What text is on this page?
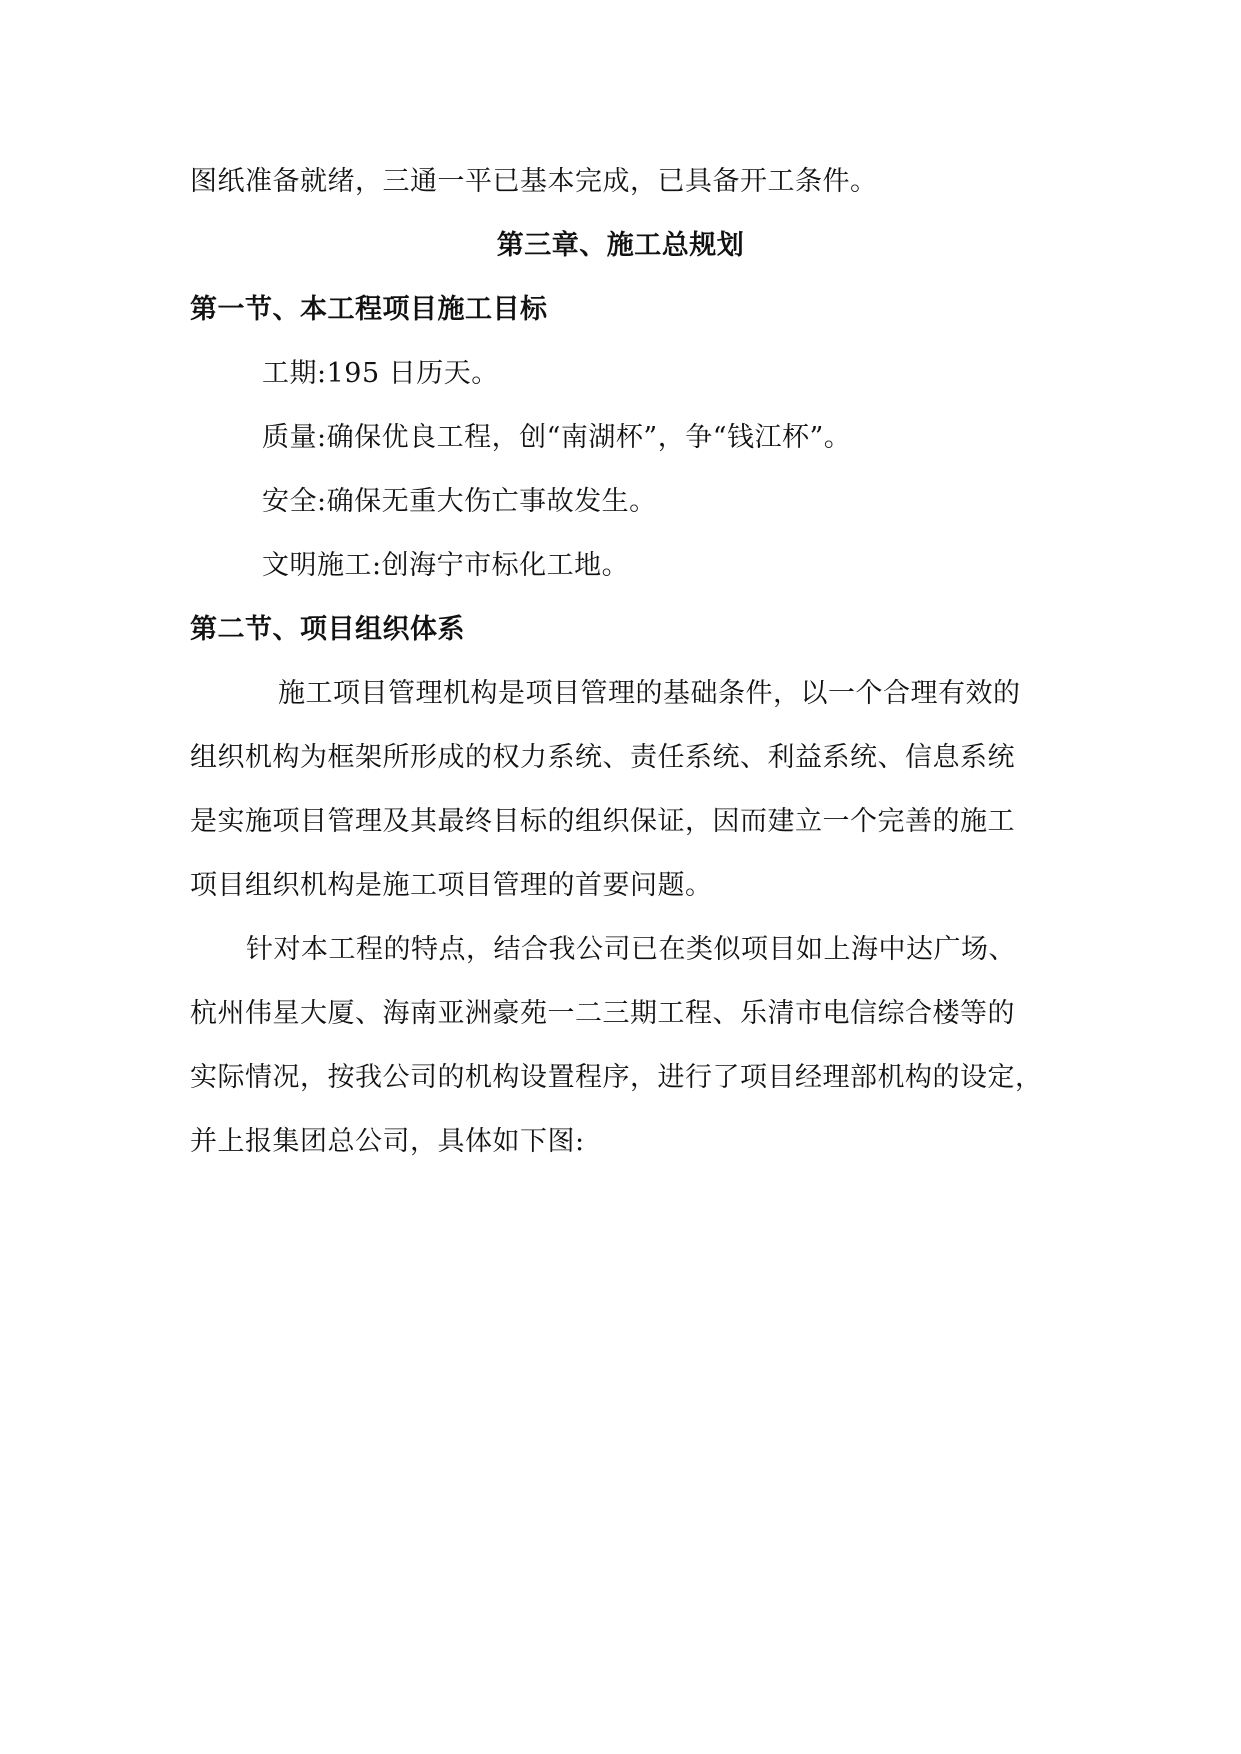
图纸准备就绪，三通一平已基本完成，已具备开工条件。
第三章、施工总规划
第一节、本工程项目施工目标
工期:195 日历天。
质量:确保优良工程，创“南湖杯”，争“钱江杯”。
安全:确保无重大伤亡事故发生。
文明施工:创海宁市标化工地。
第二节、项目组织体系
施工项目管理机构是项目管理的基础条件，以一个合理有效的
组织机构为框架所形成的权力系统、责任系统、利益系统、信息系统
是实施项目管理及其最终目标的组织保证，因而建立一个完善的施工
项目组织机构是施工项目管理的首要问题。
针对本工程的特点，结合我公司已在类似项目如上海中达广场、
杭州伟星大厦、海南亚洲豪苑一二三期工程、乐清市电信综合楼等的
实际情况，按我公司的机构设置程序，进行了项目经理部机构的设定，
并上报集团总公司，具体如下图:
